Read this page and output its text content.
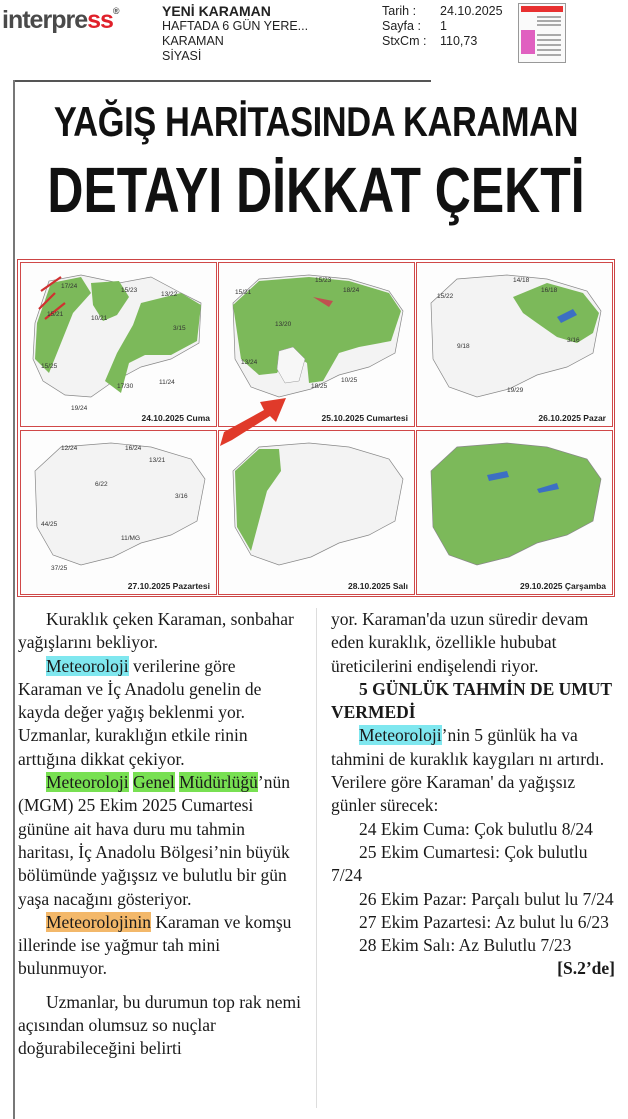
interpress®	YENİ KARAMAN
HAFTADA 6 GÜN YERE...
KARAMAN
SİYASİ
Tarih :	24.10.2025
Sayfa :	1
StxCm :	110,73
YAĞIŞ HARİTASINDA KARAMAN
DETAYI DİKKAT ÇEKTİ
17/24
15/23
13/22
15/21
10/21
3/15
11/24
17/30
15/25
19/24
24.10.2025 Cuma
15/23
18/24
15/21
13/20
13/24
10/25
18/25
25.10.2025 Cumartesi
14/18
16/18
15/22
9/18
3/16
19/29
26.10.2025 Pazar
12/24	16/24
13/21
6/22
3/16
44/25
11/MG
37/25
27.10.2025 Pazartesi	28.10.2025 Salı	29.10.2025 Çarşamba

Kuraklık çeken Karaman, sonbahar yağışlarını bekliyor.

Meteoroloji verilerine göre Karaman ve İç Anadolu genelin de kayda değer yağış beklenmi yor. Uzmanlar, kuraklığın etkile rinin arttığına dikkat çekiyor.

Meteoroloji Genel Müdürlüğü’nün (MGM) 25 Ekim 2025 Cumartesi gününe ait hava duru mu tahmin haritası, İç Anadolu Bölgesi’nin büyük bölümünde yağışsız ve bulutlu bir gün yaşa nacağını gösteriyor.

Meteorolojinin Karaman ve komşu illerinde ise yağmur tah mini bulunmuyor.

Uzmanlar, bu durumun top rak nemi açısından olumsuz so nuçlar doğurabileceğini belirti

yor. Karaman'da uzun süredir devam eden kuraklık, özellikle hububat üreticilerini endişelendi riyor.

5 GÜNLÜK TAHMİN DE UMUT VERMEDİ

Meteoroloji’nin 5 günlük ha va tahmini de kuraklık kaygıları nı artırdı. Verilere göre Karaman' da yağışsız günler sürecek:

24 Ekim Cuma: Çok bulutlu 8/24

25 Ekim Cumartesi: Çok bulutlu 7/24

26 Ekim Pazar: Parçalı bulut lu 7/24

27 Ekim Pazartesi: Az bulut lu 6/23

28 Ekim Salı: Az Bulutlu 7/23
[S.2’de]
